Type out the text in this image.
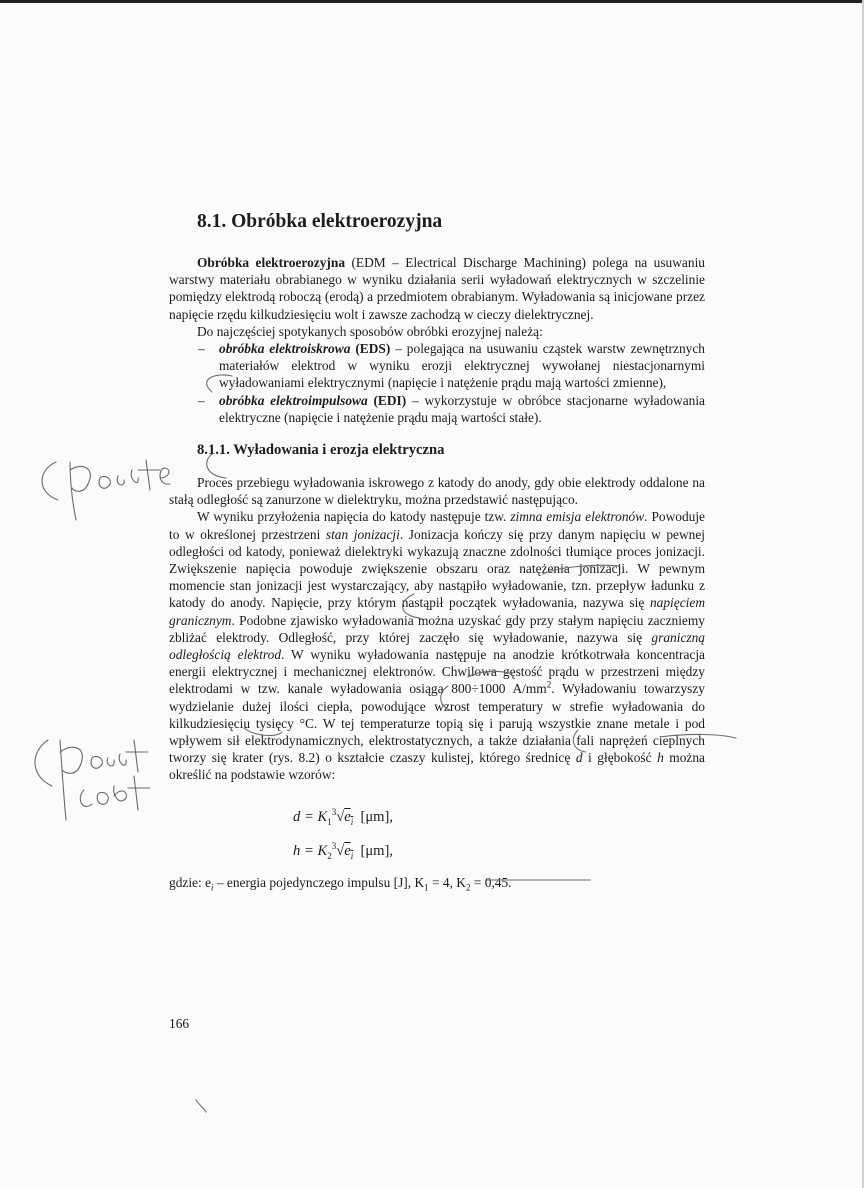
8.1. Obróbka elektroerozyjna

Obróbka elektroerozyjna (EDM – Electrical Discharge Machining) polega na usuwaniu warstwy materiału obrabianego w wyniku działania serii wyładowań elektrycznych w szczelinie pomiędzy elektrodą roboczą (erodą) a przedmiotem obrabianym. Wyładowania są inicjowane przez napięcie rzędu kilkudziesięciu wolt i zawsze zachodzą w cieczy dielektrycznej.

Do najczęściej spotykanych sposobów obróbki erozyjnej należą:

– obróbka elektroiskrowa (EDS) – polegająca na usuwaniu cząstek warstw zewnętrznych materiałów elektrod w wyniku erozji elektrycznej wywołanej niestacjonarnymi wyładowaniami elektrycznymi (napięcie i natężenie prądu mają wartości zmienne),
– obróbka elektroimpulsowa (EDI) – wykorzystuje w obróbce stacjonarne wyładowania elektryczne (napięcie i natężenie prądu mają wartości stałe).
8.1.1. Wyładowania i erozja elektryczna

Proces przebiegu wyładowania iskrowego z katody do anody, gdy obie elektrody oddalone na stałą odległość są zanurzone w dielektryku, można przedstawić następująco.

W wyniku przyłożenia napięcia do katody następuje tzw. zimna emisja elektronów. Powoduje to w określonej przestrzeni stan jonizacji. Jonizacja kończy się przy danym napięciu w pewnej odległości od katody, ponieważ dielektryki wykazują znaczne zdolności tłumiące proces jonizacji. Zwiększenie napięcia powoduje zwiększenie obszaru oraz natężenia jonizacji. W pewnym momencie stan jonizacji jest wystarczający, aby nastąpiło wyładowanie, tzn. przepływ ładunku z katody do anody. Napięcie, przy którym nastąpił początek wyładowania, nazywa się napięciem granicznym. Podobne zjawisko wyładowania można uzyskać gdy przy stałym napięciu zaczniemy zbliżać elektrody. Odległość, przy której zaczęło się wyładowanie, nazywa się graniczną odległością elektrod. W wyniku wyładowania następuje na anodzie krótkotrwała koncentracja energii elektrycznej i mechanicznej elektronów. Chwilowa gęstość prądu w przestrzeni między elektrodami w tzw. kanale wyładowania osiąga 800÷1000 $A/mm^2$. Wyładowaniu towarzyszy wydzielanie dużej ilości ciepła, powodujące wzrost temperatury w strefie wyładowania do kilkudziesięciu tysięcy °C. W tej temperaturze topią się i parują wszystkie znane metale i pod wpływem sił elektrodynamicznych, elektrostatycznych, a także działania fali naprężeń cieplnych tworzy się krater (rys. 8.2) o kształcie czaszy kulistej, którego średnicę d i głębokość h można określić na podstawie wzorów:

$d = K_1^3√e_i$ [μm],
$h = K_2^3√e_i$ [μm],
gdzie: $e_i$ – energia pojedynczego impulsu [J], $K_1 = 4$, $K_2 = 0,45$.
166
